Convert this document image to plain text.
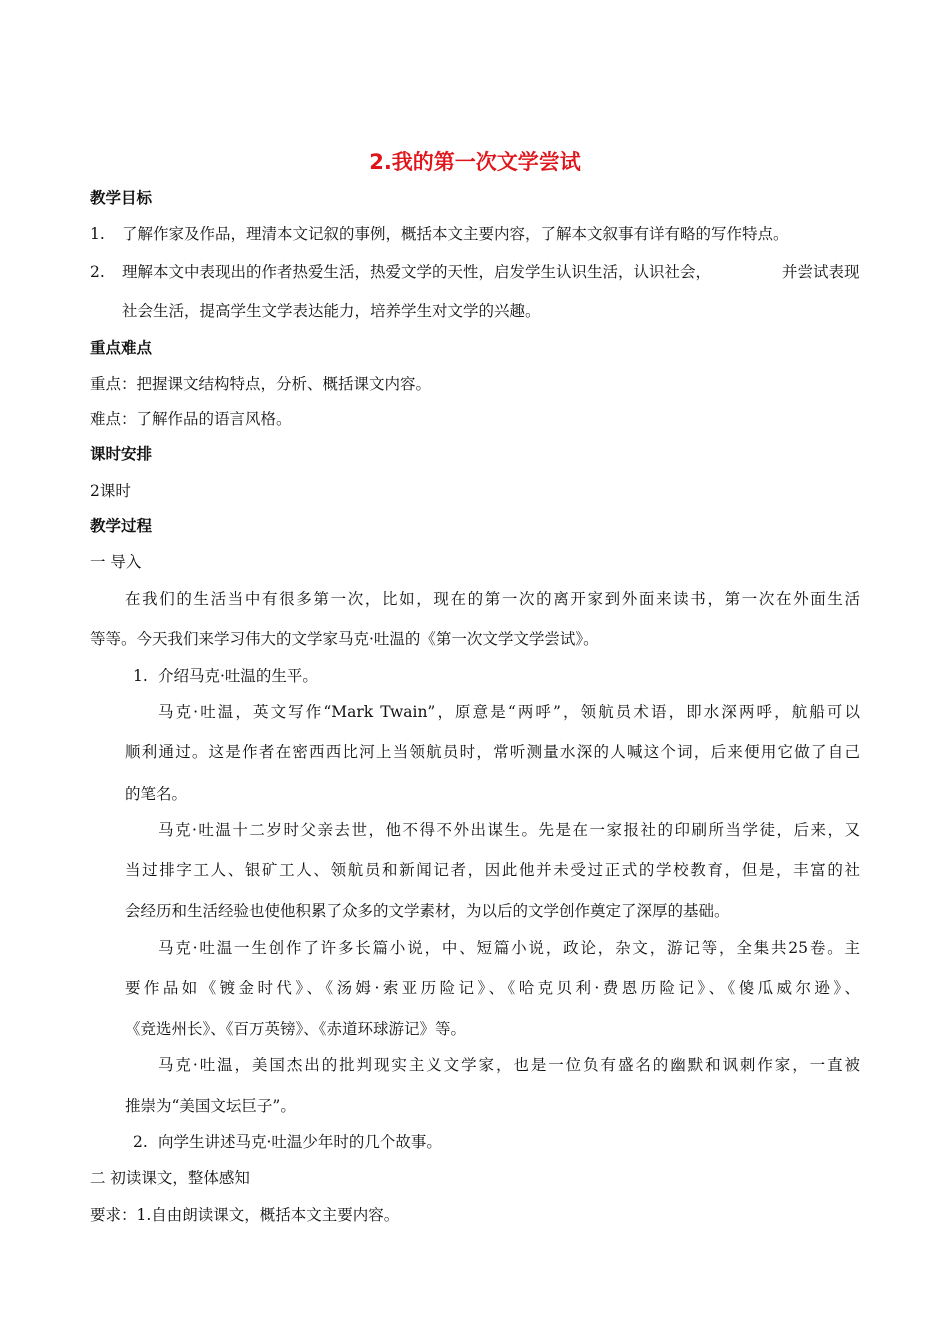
2.我的第一次文学尝试
教学目标
1. 了解作家及作品，理清本文记叙的事例，概括本文主要内容，了解本文叙事有详有略的写作特点。
2. 理解本文中表现出的作者热爱生活，热爱文学的天性，启发学生认识生活，认识社会，	并尝试表现
社会生活，提高学生文学表达能力，培养学生对文学的兴趣。
重点难点
重点：把握课文结构特点，分析、概括课文内容。
难点：了解作品的语言风格。
课时安排
2课时
教学过程
一 导入
在我们的生活当中有很多第一次，比如，现在的第一次的离开家到外面来读书，第一次在外面生活
等等。今天我们来学习伟大的文学家马克·吐温的《第一次文学文学尝试》。
1. 介绍马克·吐温的生平。
马克·吐温，英文写作“Mark Twain”，原意是“两呼”，领航员术语，即水深两呼，航船可以
顺利通过。这是作者在密西西比河上当领航员时，常听测量水深的人喊这个词，后来便用它做了自己
的笔名。
马克·吐温十二岁时父亲去世，他不得不外出谋生。先是在一家报社的印刷所当学徒，后来，又
当过排字工人、银矿工人、领航员和新闻记者，因此他并未受过正式的学校教育，但是，丰富的社
会经历和生活经验也使他积累了众多的文学素材，为以后的文学创作奠定了深厚的基础。
马克·吐温一生创作了许多长篇小说，中、短篇小说，政论，杂文，游记等，全集共25卷。主
要作品如《镀金时代》、《汤姆·索亚历险记》、《哈克贝利·费恩历险记》、《傻瓜威尔逊》、
《竞选州长》、《百万英镑》、《赤道环球游记》等。
马克·吐温，美国杰出的批判现实主义文学家，也是一位负有盛名的幽默和讽刺作家，一直被
推崇为“美国文坛巨子”。
2. 向学生讲述马克·吐温少年时的几个故事。
二 初读课文，整体感知
要求：1.自由朗读课文，概括本文主要内容。
